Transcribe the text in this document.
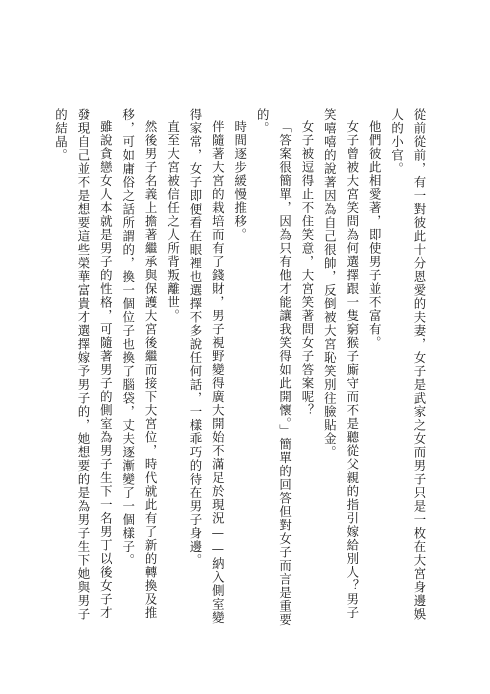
從前從前，有一對彼此十分恩愛的夫妻，女子是武家之女而男子只是一枚在大宮身邊娛人的小官。

他們彼此相愛著，即使男子並不富有。

女子曾被大宮笑問為何選擇跟一隻窮猴子廝守而不是聽從父親的指引嫁給別人？男子笑嘻嘻的說著因為自己很帥，反倒被大宮恥笑別往臉貼金。

女子被逗得止不住笑意，大宮笑著問女子答案呢？

「答案很簡單，因為只有他才能讓我笑得如此開懷。」簡單的回答但對女子而言是重要的。

時間逐步緩慢推移。

伴隨著大宮的栽培而有了錢財，男子視野變得廣大開始不滿足於現況——納入側室變得家常，女子即便看在眼裡也選擇不多說任何話，一樣乖巧的待在男子身邊。

直至大宮被信任之人所背叛離世。

然後男子名義上擔著繼承與保護大宮後繼而接下大宮位，時代就此有了新的轉換及推移，可如庸俗之話所謂的，換一個位子也換了腦袋，丈夫逐漸變了一個樣子。

雖說貪戀女人本就是男子的性格，可隨著男子的側室為男子生下一名男丁以後女子才發現自己並不是想要這些榮華富貴才選擇嫁予男子的，她想要的是為男子生下她與男子的結晶。
